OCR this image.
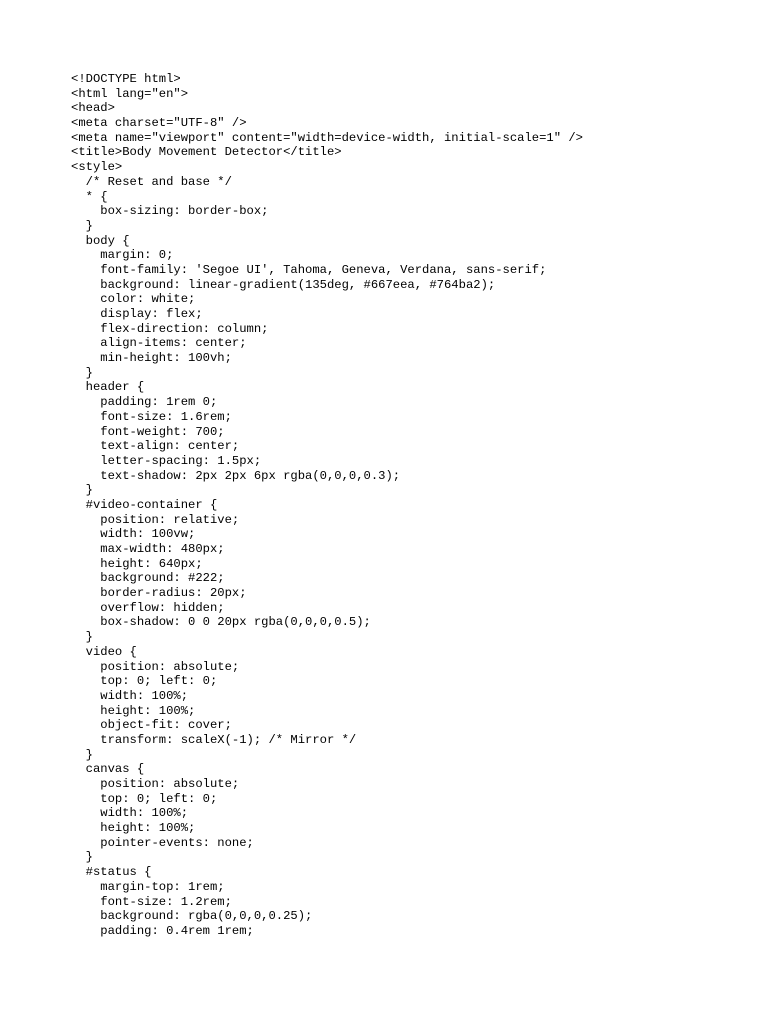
<!DOCTYPE html>
<html lang="en">
<head>
<meta charset="UTF-8" />
<meta name="viewport" content="width=device-width, initial-scale=1" />
<title>Body Movement Detector</title>
<style>
/* Reset and base */
* {
box-sizing: border-box;
}
body {
margin: 0;
font-family: 'Segoe UI', Tahoma, Geneva, Verdana, sans-serif;
background: linear-gradient(135deg, #667eea, #764ba2);
color: white;
display: flex;
flex-direction: column;
align-items: center;
min-height: 100vh;
}
header {
padding: 1rem 0;
font-size: 1.6rem;
font-weight: 700;
text-align: center;
letter-spacing: 1.5px;
text-shadow: 2px 2px 6px rgba(0,0,0,0.3);
}
#video-container {
position: relative;
width: 100vw;
max-width: 480px;
height: 640px;
background: #222;
border-radius: 20px;
overflow: hidden;
box-shadow: 0 0 20px rgba(0,0,0,0.5);
}
video {
position: absolute;
top: 0; left: 0;
width: 100%;
height: 100%;
object-fit: cover;
transform: scaleX(-1); /* Mirror */
}
canvas {
position: absolute;
top: 0; left: 0;
width: 100%;
height: 100%;
pointer-events: none;
}
#status {
margin-top: 1rem;
font-size: 1.2rem;
background: rgba(0,0,0,0.25);
padding: 0.4rem 1rem;
